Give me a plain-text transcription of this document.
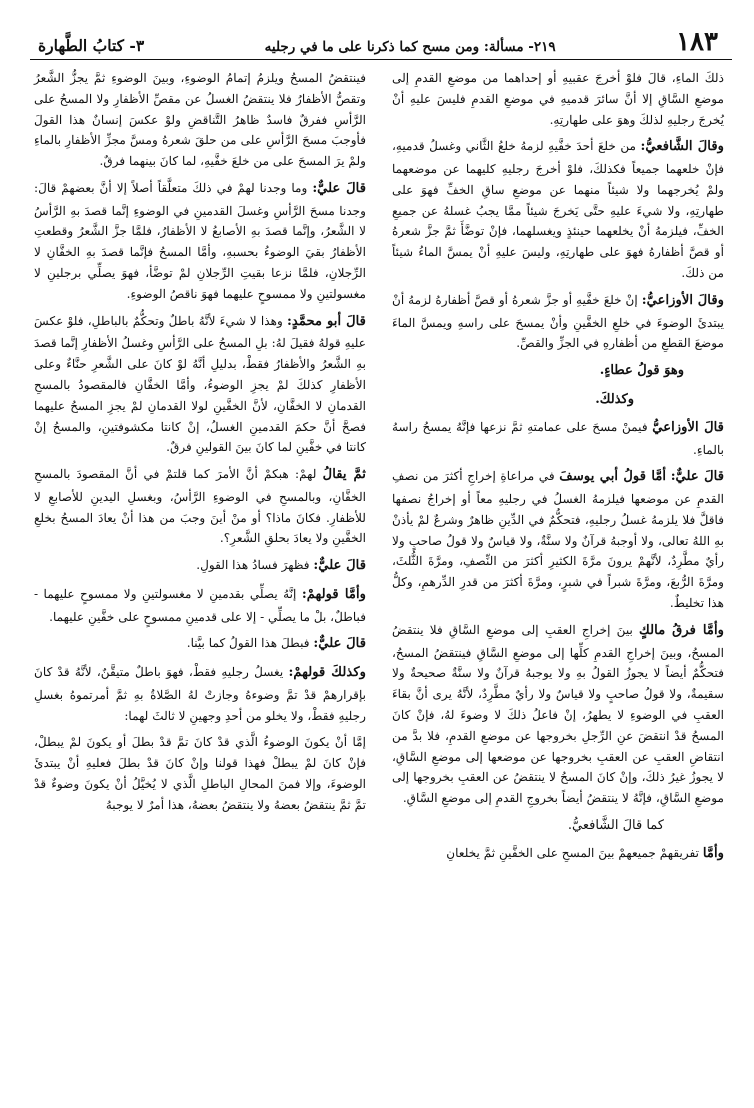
١٨٣
٢١٩- مسألة: ومن مسح كما ذكرنا على ما في رجليه
٣- كتابُ الطَّهارة

ذلكَ الماءِ، قالَ فلوْ أخرجَ عقبيهِ أو إحداهما من موضعِ القدمِ إلى موضعِ السَّاقِ إلا أنَّ سائرَ قدميهِ في موضعِ القدمِ فليسَ عليهِ أنْ يُخرجَ رجليهِ لذلكَ وهوَ على طهارتِهِ.

وقالَ الشَّافعيُّ: من خلعَ أحدَ خفَّيهِ لزمهُ خلعُ الثَّاني وغسلُ قدميهِ، فإنْ خلعهما جميعاً فكذلكَ، فلوْ أخرجَ رجليهِ كليهما عن موضعهما ولمْ يُخرجهما ولا شيئاً منهما عن موضعِ ساقِ الخفِّ فهوَ على طهارتِهِ، ولا شيءَ عليهِ حتَّى يَخرجَ شيئاً ممَّا يجبُ غسلهُ عن جميعِ الخفِّ، فيلزمهُ أنْ يخلعهما حينئذٍ ويغسلهما، فإنْ توضَّأَ ثمَّ جزَّ شعرهُ أو قصَّ أظفارهُ فهوَ على طهارتِهِ، وليسَ عليهِ أنْ يمسَّ الماءُ شيئاً من ذلكَ.

وقالَ الأوزاعيُّ: إنْ خلعَ خفَّيهِ أو جزَّ شعرهُ أو قصَّ أظفارهُ لزمهُ أنْ يبتدئَ الوضوءَ في خلعِ الخفَّينِ وأنْ يمسحَ على راسهِ ويمسَّ الماءَ موضعَ القطعِ من أظفارهِ في الجزِّ والقصِّ.

وهوَ قولُ عطاءٍ.

وكذلكَ.

قالَ الأوزاعيُّ فيمنْ مسحَ على عمامتهِ ثمَّ نزعها فإنَّهُ يمسحُ راسهُ بالماءِ.

قالَ عليٌّ: أمَّا قولُ أبي يوسفَ في مراعاةِ إخراجِ أكثرَ من نصفِ القدمِ عن موضعها فيلزمهُ الغسلُ في رجليهِ معاً أو إخراجُ نصفها فاقلَّ فلا يلزمهُ غسلُ رجليهِ، فتحكُّمٌ في الدِّينِ ظاهرٌ وشرعٌ لمْ يأذنْ بهِ اللهُ تعالى، ولا أوجبهُ قرآنٌ ولا سنَّةٌ، ولا قياسٌ ولا قولُ صاحبٍ ولا رأيٌ مطَّرِدٌ، لأنَّهمْ يرونَ مرَّةَ الكثيرِ أكثرَ من النِّصفِ، ومرَّةَ الثُّلثَ، ومرَّةَ الرُّبعَ، ومرَّةَ شبراً في شبرٍ، ومرَّةَ أكثرَ من قدرِ الدِّرهمِ، وكلُّ هذا تخليطٌ.

وأمَّا فرقُ مالكٍ بينَ إخراجِ العقبِ إلى موضعِ السَّاقِ فلا ينتقضُ المسحُ، وبينَ إخراجِ القدمِ كلِّها إلى موضعِ السَّاقِ فينتقضُ المسحُ، فتحكُّمٌ أيضاً لا يجوزُ القولُ بهِ ولا يوجبهُ قرآنٌ ولا سنَّةٌ صحيحةٌ ولا سقيمةٌ، ولا قولُ صاحبٍ ولا قياسٌ ولا رأيٌ مطَّرِدٌ، لأنَّهُ يرى أنَّ بقاءَ العقبِ في الوضوءِ لا يطهرُ، إنْ فاعلُ ذلكَ لا وضوءَ لهُ، فإنْ كانَ المسحُ قدْ انتقضَ عنِ الرِّجلِ بخروجها عن موضعِ القدمِ، فلا بدَّ من انتقاضِ العقبِ عن العقبِ بخروجها عن موضعها إلى موضعِ السَّاقِ، لا يجوزُ غيرُ ذلكَ، وإنْ كانَ المسحُ لا ينتقضُ عن العقبِ بخروجها إلى موضعِ السَّاقِ، فإنَّهُ لا ينتقضُ أيضاً بخروجِ القدمِ إلى موضعِ السَّاقِ.

كما قالَ الشَّافعيُّ.

وأمَّا تفريقهمْ جميعهمْ بينَ المسحِ على الخفَّينِ ثمَّ يخلعانِ

فينتقضُ المسحُ ويلزمُ إتمامُ الوضوءِ، وبينَ الوضوءِ ثمَّ يجزُّ الشَّعرُ وتقصُّ الأظفارُ فلا ينتقضُ الغسلُ عن مقصِّ الأظفارِ ولا المسحُ على الرَّأسِ ففرقٌ فاسدٌ ظاهرُ التَّناقضِ ولوْ عكسَ إنسانٌ هذا القولَ فأوجبَ مسحَ الرَّأسِ على من حلقَ شعرهُ ومسَّ مجزِّ الأظفارِ بالماءِ ولمْ يرَ المسحَ على من خلعَ خفَّيهِ، لما كانَ بينهما فرقٌ.

قالَ عليٌّ: وما وجدنا لهمْ في ذلكَ متعلَّقاً أصلاً إلا أنَّ بعضهمْ قالَ: وجدنا مسحَ الرَّأسِ وغسلَ القدمينِ في الوضوءِ إنَّما قصدَ بهِ الرَّأسُ لا الشَّعرُ، وإنَّما قصدَ بهِ الأصابعُ لا الأظفارُ، فلمَّا جزَّ الشَّعرُ وقطعتِ الأظفارُ بقيَ الوضوءُ بحسبهِ، وأمَّا المسحُ فإنَّما قصدَ بهِ الخفَّانِ لا الرِّجلانِ، فلمَّا نزعا بقيتِ الرِّجلانِ لمْ توضَّأ، فهوَ يصلِّي برجلينِ لا مغسولتينِ ولا ممسوحٍ عليهما فهوَ ناقصُ الوضوءِ.

قالَ أبو محمَّدٍ: وهذا لا شيءَ لأنَّهُ باطلٌ وتحكُّمٌ بالباطلِ، فلوْ عكسَ عليهِ قولهُ فقيلَ لهُ: بلِ المسحُ على الرَّأسِ وغسلُ الأظفارِ إنَّما قصدَ بهِ الشَّعرُ والأظفارُ فقطْ، بدليلِ أنَّهُ لوْ كانَ على الشَّعرِ حنَّاءٌ وعلى الأظفارِ كذلكَ لمْ يجزِ الوضوءُ، وأمَّا الخفَّانِ فالمقصودُ بالمسحِ القدمانِ لا الخفَّانِ، لأنَّ الخفَّينِ لولا القدمانِ لمْ يجزِ المسحُ عليهما فصحَّ أنَّ حكمَ القدمينِ الغسلُ، إنْ كانتا مكشوفتينِ، والمسحُ إنْ كانتا في خفَّينِ لما كانَ بينَ القولينِ فرقٌ.

ثمَّ يقالُ لهمْ: هبكمْ أنَّ الأمرَ كما قلتمْ في أنَّ المقصودَ بالمسحِ الخفَّانِ، وبالمسحِ في الوضوءِ الرَّأسُ، وبغسلِ اليدينِ للأصابعِ لا للأظفارِ. فكانَ ماذا؟ أو منْ أينَ وجبَ من هذا أنْ يعادَ المسحُ بخلعِ الخفَّينِ ولا يعادَ بحلقِ الشَّعرِ؟.

قالَ عليٌّ: فظهرَ فسادُ هذا القولِ.

وأمَّا قولهمْ: إنَّهُ يصلِّي بقدمينِ لا مغسولتينِ ولا ممسوحٍ عليهما - فباطلٌ، بلْ ما يصلِّي - إلا على قدمينِ ممسوحٍ على خفَّينِ عليهما.

قالَ عليٌّ: فبطلَ هذا القولُ كما بيَّنا.

وكذلكَ قولهمْ: يغسلُ رجليهِ فقطْ، فهوَ باطلٌ متيقَّنٌ، لأنَّهُ قدْ كانَ بإقرارهمْ قدْ تمَّ وضوءهُ وجازتْ لهُ الصَّلاةُ بهِ ثمَّ أمرتموهُ بغسلِ رجليهِ فقطْ، ولا يخلو من أحدِ وجهينِ لا ثالثَ لهما:

إمَّا أنْ يكونَ الوضوءُ الَّذي قدْ كانَ تمَّ قدْ بطلَ أو يكونَ لمْ يبطلْ، فإنْ كانَ لمْ يبطلْ فهذا قولنا وإنْ كانَ قدْ بطلَ فعليهِ أنْ يبتدئَ الوضوءَ، وإلا فمنَ المحالِ الباطلِ الَّذي لا يُخيَّلُ أنْ يكونَ وضوءٌ قدْ تمَّ ثمَّ ينتقضُ بعضهُ ولا ينتقضُ بعضهُ، هذا أمرٌ لا يوجبهُ
